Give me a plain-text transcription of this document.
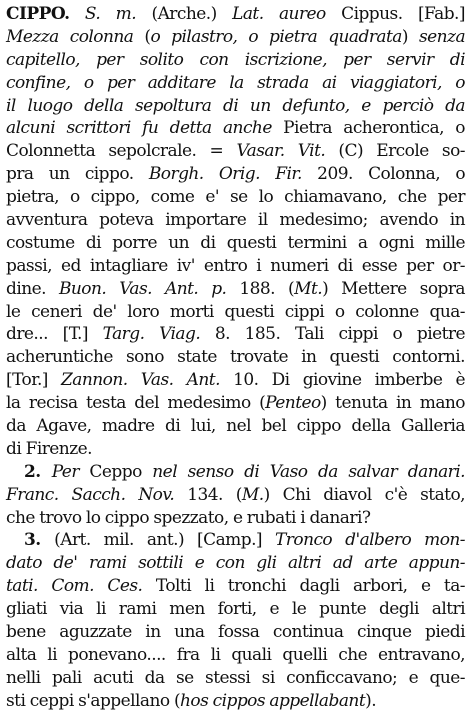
CIPPO. S. m. (Arche.) Lat. aureo Cippus. [Fab.]
Mezza colonna (o pilastro, o pietra quadrata) senza
capitello, per solito con iscrizione, per servir di
confine, o per additare la strada ai viaggiatori, o
il luogo della sepoltura di un defunto, e perciò da
alcuni scrittori fu detta anche Pietra acherontica, o
Colonnetta sepolcrale. = Vasar. Vit. (C) Ercole so-
pra un cippo. Borgh. Orig. Fir. 209. Colonna, o
pietra, o cippo, come e' se lo chiamavano, che per
avventura poteva importare il medesimo; avendo in
costume di porre un di questi termini a ogni mille
passi, ed intagliare iv' entro i numeri di esse per or-
dine. Buon. Vas. Ant. p. 188. (Mt.) Mettere sopra
le ceneri de' loro morti questi cippi o colonne qua-
dre... [T.] Targ. Viag. 8. 185. Tali cippi o pietre
acheruntiche sono state trovate in questi contorni.
[Tor.] Zannon. Vas. Ant. 10. Di giovine imberbe è
la recisa testa del medesimo (Penteo) tenuta in mano
da Agave, madre di lui, nel bel cippo della Galleria
di Firenze.
2. Per Ceppo nel senso di Vaso da salvar danari.
Franc. Sacch. Nov. 134. (M.) Chi diavol c'è stato,
che trovo lo cippo spezzato, e rubati i danari?
3. (Art. mil. ant.) [Camp.] Tronco d'albero mon-
dato de' rami sottili e con gli altri ad arte appun-
tati. Com. Ces. Tolti li tronchi dagli arbori, e ta-
gliati via li rami men forti, e le punte degli altri
bene aguzzate in una fossa continua cinque piedi
alta li ponevano.... fra li quali quelli che entravano,
nelli pali acuti da se stessi si conficcavano; e que-
sti ceppi s'appellano (hos cippos appellabant).
